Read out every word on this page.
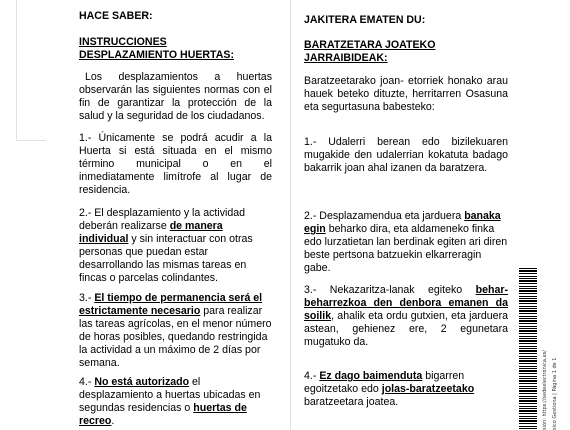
HACE SABER:

INSTRUCCIONES

DESPLAZAMIENTO HUERTAS:

Los desplazamientos a huertas observarán las siguientes normas con el fin de garantizar la protección de la salud y la seguridad de los ciudadanos.

1.- Únicamente se podrá acudir a la Huerta si está situada en el mismo término municipal o en el inmediatamente limítrofe al lugar de residencia.

2.- El desplazamiento y la actividad deberán realizarse de manera individual y sin interactuar con otras personas que puedan estar desarrollando las mismas tareas en fincas o parcelas colindantes.

3.- El tiempo de permanencia será el estrictamente necesario para realizar las tareas agrícolas, en el menor número de horas posibles, quedando restringida la actividad a un máximo de 2 días por semana.

4.- No está autorizado el desplazamiento a huertas ubicadas en segundas residencias o huertas de recreo.

JAKITERA EMATEN DU:

BARATZETARA JOATEKO

JARRAIBIDEAK:

Baratzeetarako joan- etorriek honako arau hauek beteko dituzte, herritarren Osasuna eta segurtasuna babesteko:

1.- Udalerri berean edo bizilekuaren mugakide den udalerrian kokatuta badago bakarrik joan ahal izanen da baratzera.

2.- Desplazamendua eta jarduera banaka egin beharko dira, eta aldameneko finka edo lurzatietan lan berdinak egiten ari diren beste pertsona batzuekin elkarreragin gabe.

3.- Nekazaritza-lanak egiteko behar-beharrezkoa den denbora emanen da soilik, ahalik eta ordu gutxien, eta jarduera astean, gehienez ere, 2 egunetara mugatuko da.

4.- Ez dago baimenduta bigarren egoitzetako edo jolas-baratzeetako baratzeetara joatea.	sión: https://sedeelectronica.es/ sico Gestiona | Página 1 de 1
